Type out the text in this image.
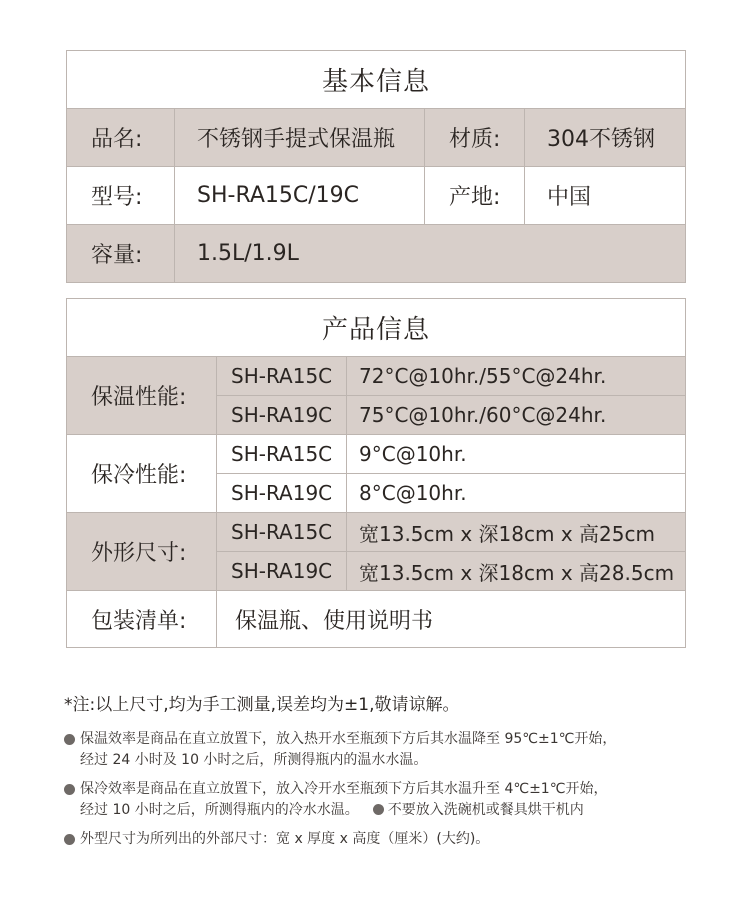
基本信息			
品名:	不锈钢手提式保温瓶	材质:	304不锈钢
型号:	SH-RA15C/19C	产地:	中国
容量:	1.5L/1.9L		
产品信息		
保温性能:	SH-RA15C	72°C@10hr./55°C@24hr.
	SH-RA19C	75°C@10hr./60°C@24hr.
保冷性能:	SH-RA15C	9°C@10hr.
	SH-RA19C	8°C@10hr.
外形尺寸:	SH-RA15C	宽13.5cm x 深18cm x 高25cm
	SH-RA19C	宽13.5cm x 深18cm x 高28.5cm
包装清单:	保温瓶、使用说明书	
*注:以上尺寸,均为手工测量,误差均为±1,敬请谅解。
保温效率是商品在直立放置下，放入热开水至瓶颈下方后其水温降至 95℃±1℃开始，
经过 24 小时及 10 小时之后，所测得瓶内的温水水温。
保冷效率是商品在直立放置下，放入冷开水至瓶颈下方后其水温升至 4℃±1℃开始，
经过 10 小时之后，所测得瓶内的冷水水温。 不要放入洗碗机或餐具烘干机内
外型尺寸为所列出的外部尺寸：宽 x 厚度 x 高度（厘米）(大约)。
